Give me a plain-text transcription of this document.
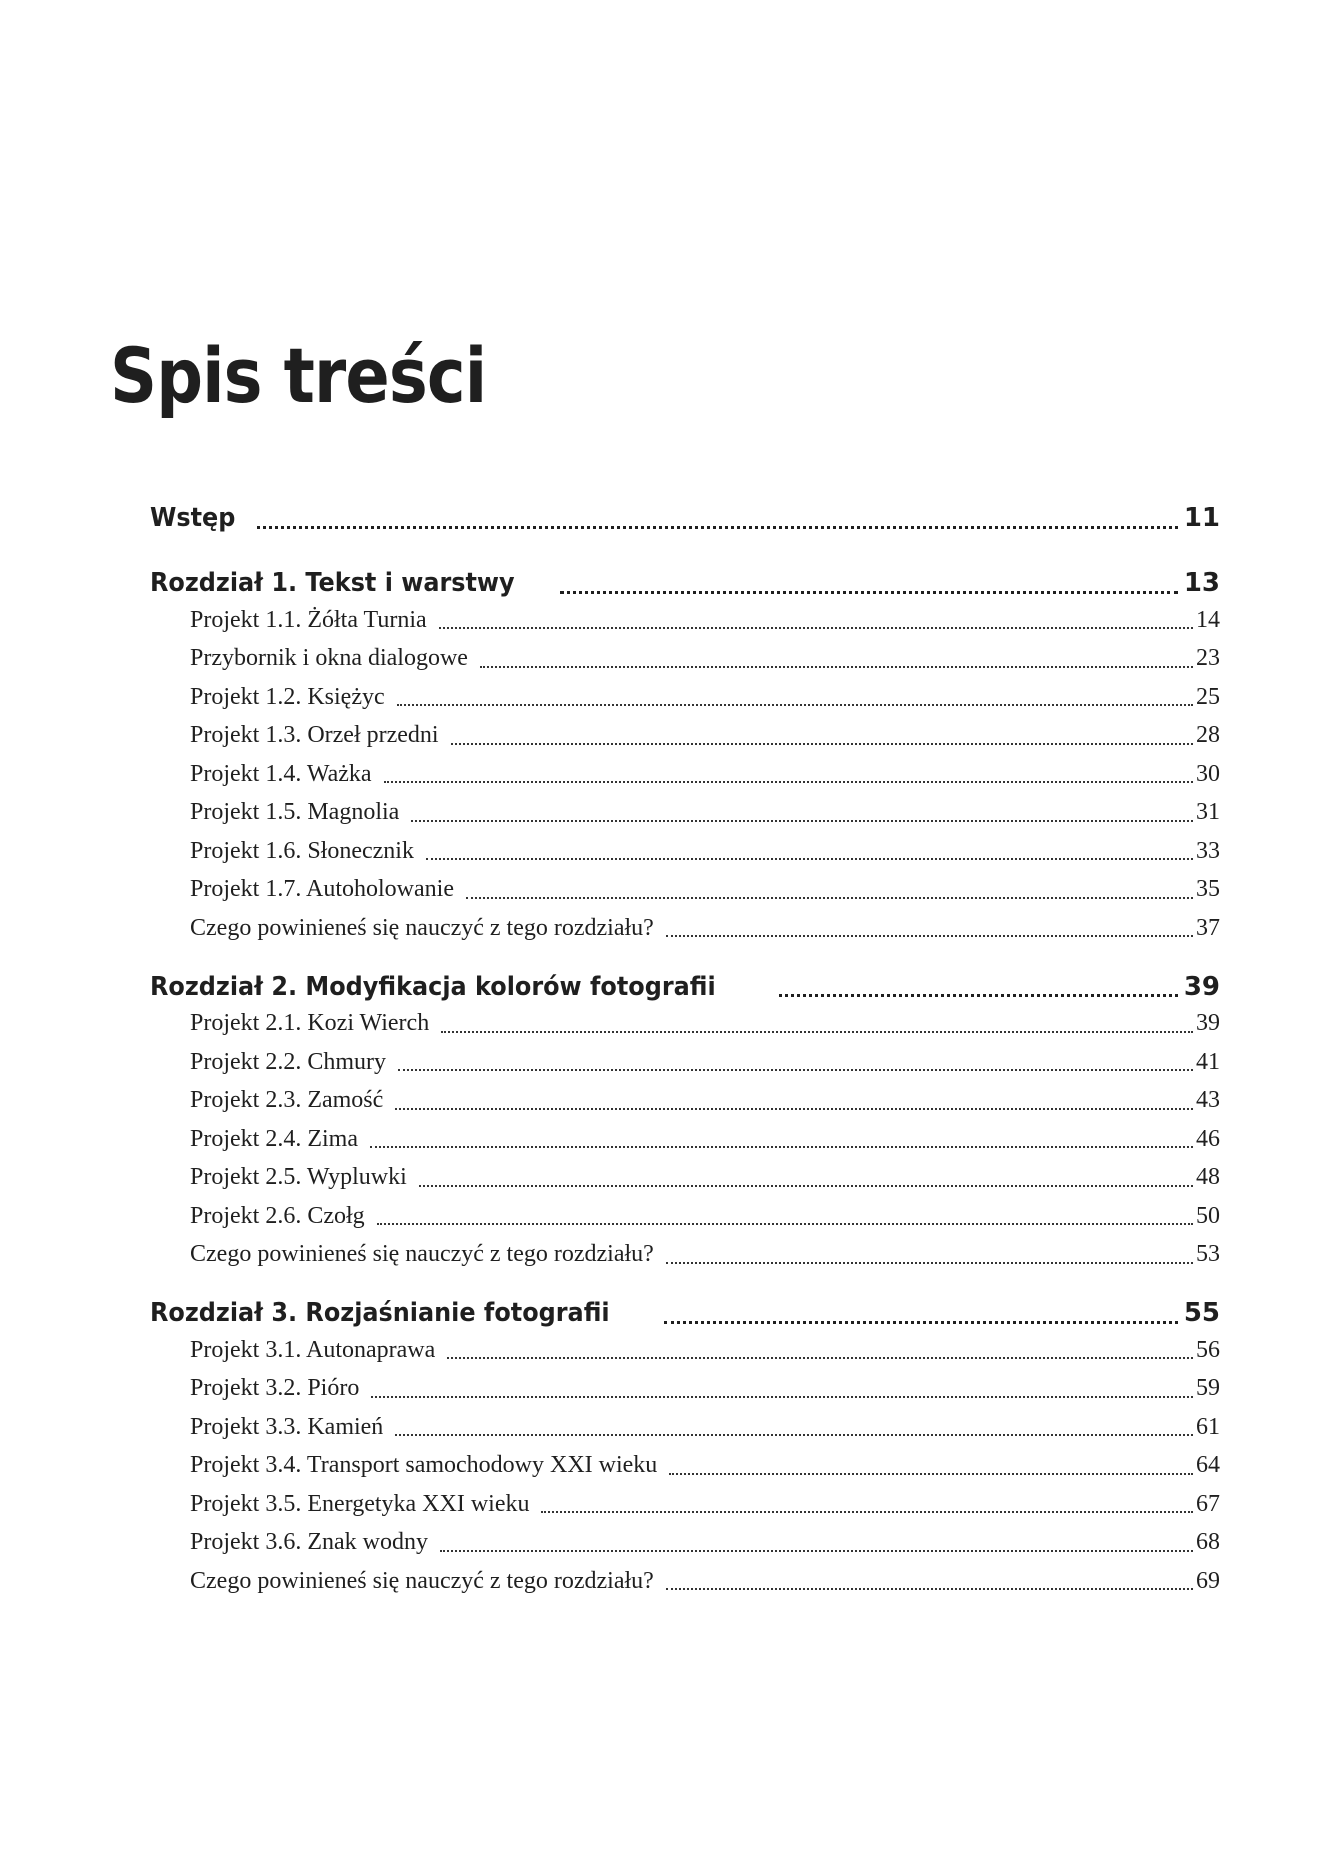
Spis treści
Wstęp	11
Rozdział 1. Tekst i warstwy	13
Projekt 1.1. Żółta Turnia	14
Przybornik i okna dialogowe	23
Projekt 1.2. Księżyc	25
Projekt 1.3. Orzeł przedni	28
Projekt 1.4. Ważka	30
Projekt 1.5. Magnolia	31
Projekt 1.6. Słonecznik	33
Projekt 1.7. Autoholowanie	35
Czego powinieneś się nauczyć z tego rozdziału?	37
Rozdział 2. Modyfikacja kolorów fotografii	39
Projekt 2.1. Kozi Wierch	39
Projekt 2.2. Chmury	41
Projekt 2.3. Zamość	43
Projekt 2.4. Zima	46
Projekt 2.5. Wypluwki	48
Projekt 2.6. Czołg	50
Czego powinieneś się nauczyć z tego rozdziału?	53
Rozdział 3. Rozjaśnianie fotografii	55
Projekt 3.1. Autonaprawa	56
Projekt 3.2. Pióro	59
Projekt 3.3. Kamień	61
Projekt 3.4. Transport samochodowy XXI wieku	64
Projekt 3.5. Energetyka XXI wieku	67
Projekt 3.6. Znak wodny	68
Czego powinieneś się nauczyć z tego rozdziału?	69
